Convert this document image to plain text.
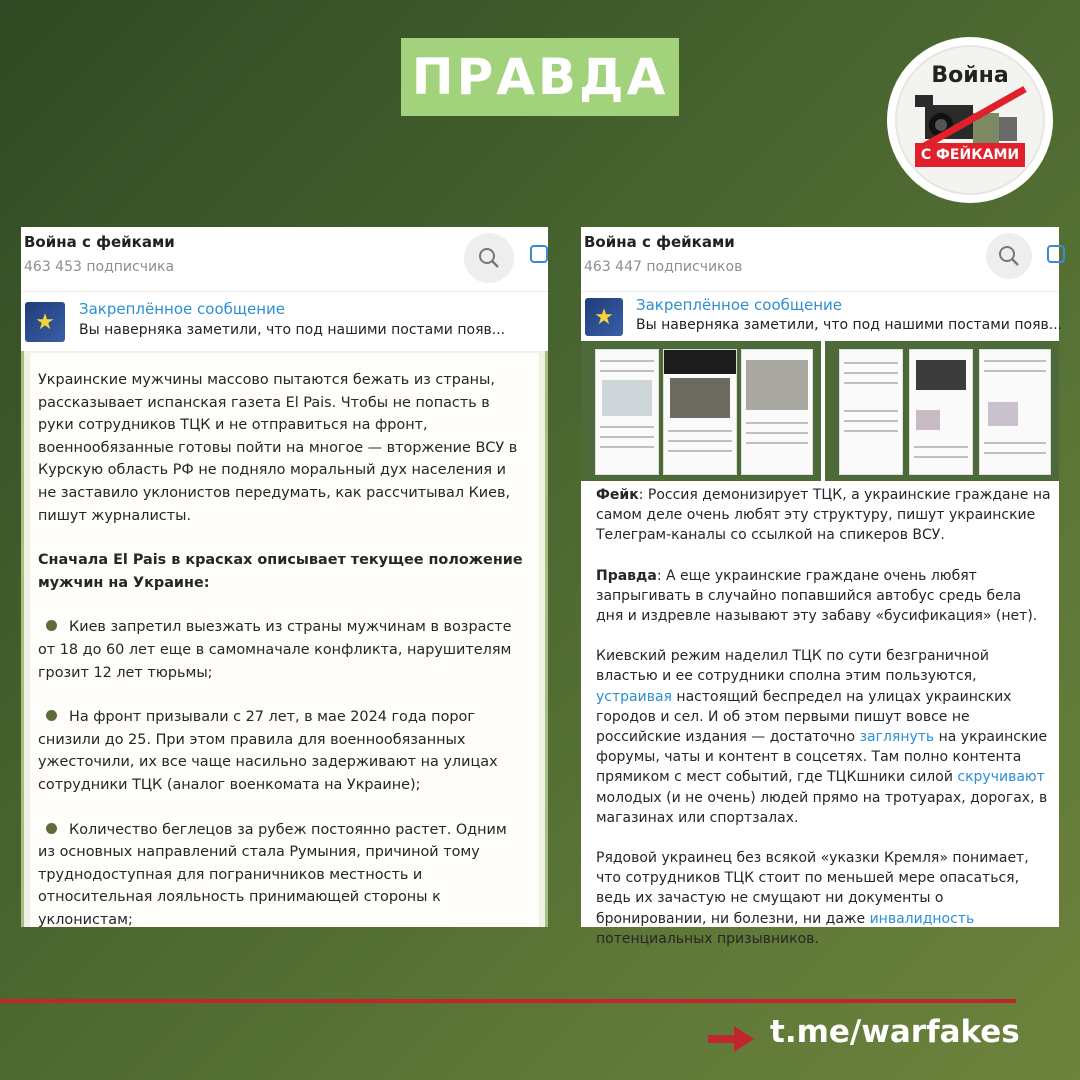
ПРАВДА	Война
С ФЕЙКАМИ
Война с фейками
463 453 подписчика
★
Закреплённое сообщение
Вы наверняка заметили, что под нашими постами появ...

Украинские мужчины массово пытаются бежать из страны, рассказывает испанская газета El Pais. Чтобы не попасть в руки сотрудников ТЦК и не отправиться на фронт, военнообязанные готовы пойти на многое — вторжение ВСУ в Курскую область РФ не подняло моральный дух населения и не заставило уклонистов передумать, как рассчитывал Киев, пишут журналисты.

Сначала El Pais в красках описывает текущее положение мужчин на Украине:

Киев запретил выезжать из страны мужчинам в возрасте от 18 до 60 лет еще в самомначале конфликта, нарушителям грозит 12 лет тюрьмы;

На фронт призывали с 27 лет, в мае 2024 года порог снизили до 25. При этом правила для военнообязанных ужесточили, их все чаще насильно задерживают на улицах сотрудники ТЦК (аналог военкомата на Украине);

Количество беглецов за рубеж постоянно растет. Одним из основных направлений стала Румыния, причиной тому труднодоступная для пограничников местность и относительная лояльность принимающей стороны к уклонистам;

Война с фейками
463 447 подписчиков
★	Закреплённое сообщение
Вы наверняка заметили, что под нашими постами появ...

Фейк: Россия демонизирует ТЦК, а украинские граждане на самом деле очень любят эту структуру, пишут украинские Телеграм-каналы со ссылкой на спикеров ВСУ.

Правда: А еще украинские граждане очень любят запрыгивать в случайно попавшийся автобус средь бела дня и издревле называют эту забаву «бусификация» (нет).

Киевский режим наделил ТЦК по сути безграничной властью и ее сотрудники сполна этим пользуются, устраивая настоящий беспредел на улицах украинских городов и сел. И об этом первыми пишут вовсе не российские издания — достаточно заглянуть на украинские форумы, чаты и контент в соцсетях. Там полно контента прямиком с мест событий, где ТЦКшники силой скручивают молодых (и не очень) людей прямо на тротуарах, дорогах, в магазинах или спортзалах.

Рядовой украинец без всякой «указки Кремля» понимает, что сотрудников ТЦК стоит по меньшей мере опасаться, ведь их зачастую не смущают ни документы о бронировании, ни болезни, ни даже инвалидность потенциальных призывников.

t.me/warfakes
